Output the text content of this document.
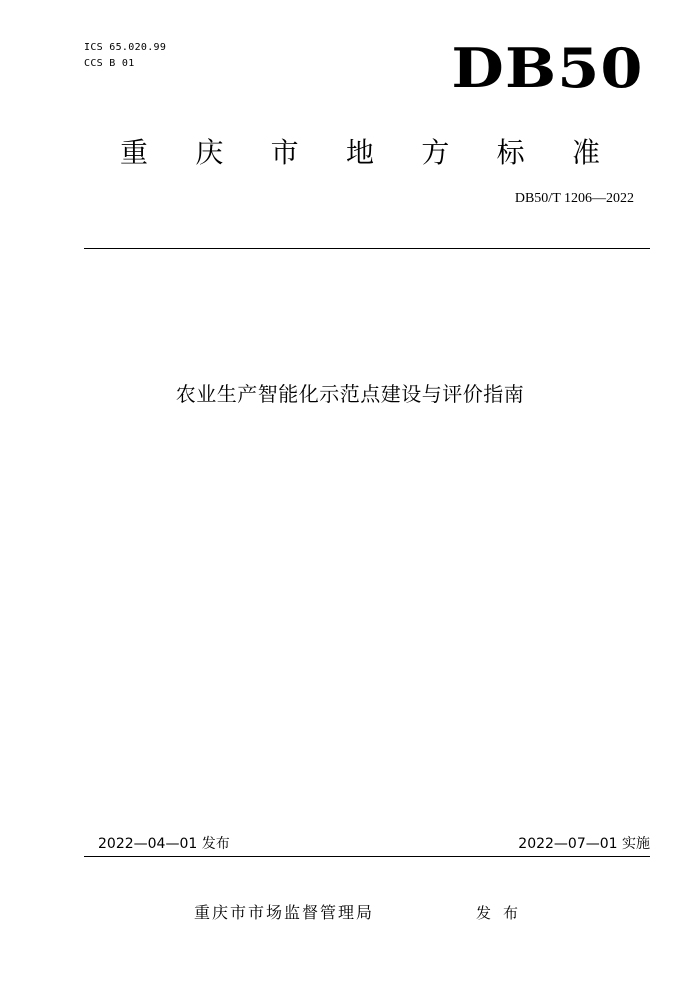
ICS 65.020.99
CCS B 01	DB50
重 庆 市 地 方 标 准
DB50/T 1206—2022
农业生产智能化示范点建设与评价指南
2022—04—01 发布	2022—07—01 实施
重庆市市场监督管理局	发布
